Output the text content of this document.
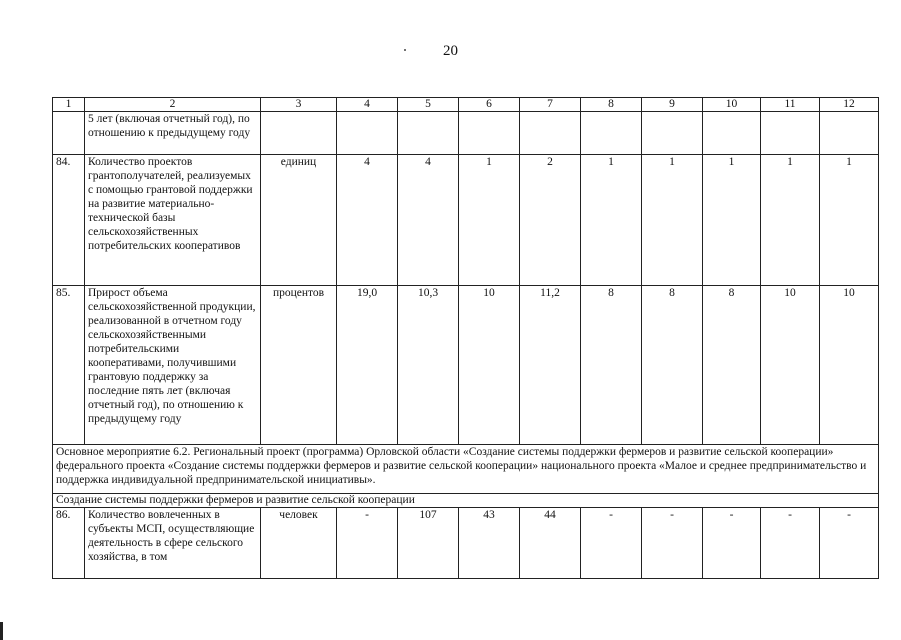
20
1	2	3	4	5	6	7	8	9	10	11	12
	5 лет (включая отчетный год), по отношению к предыдущему году										
84.	Количество проектов грантополучателей, реализуемых с помощью грантовой поддержки на развитие материально-технической базы сельскохозяйственных потребительских кооперативов	единиц	4	4	1	2	1	1	1	1	1
85.	Прирост объема сельскохозяйственной продукции, реализованной в отчетном году сельскохозяйственными потребительскими кооперативами, получившими грантовую поддержку за последние пять лет (включая отчетный год), по отношению к предыдущему году	процентов	19,0	10,3	10	11,2	8	8	8	10	10
Основное мероприятие 6.2. Региональный проект (программа) Орловской области «Создание системы поддержки фермеров и развитие сельской кооперации» федерального проекта «Создание системы поддержки фермеров и развитие сельской кооперации» национального проекта «Малое и среднее предпринимательство и поддержка индивидуальной предпринимательской инициативы».											
Создание системы поддержки фермеров и развитие сельской кооперации											
86.	Количество вовлеченных в субъекты МСП, осуществляющие деятельность в сфере сельского хозяйства, в том	человек	-	107	43	44	-	-	-	-	-
